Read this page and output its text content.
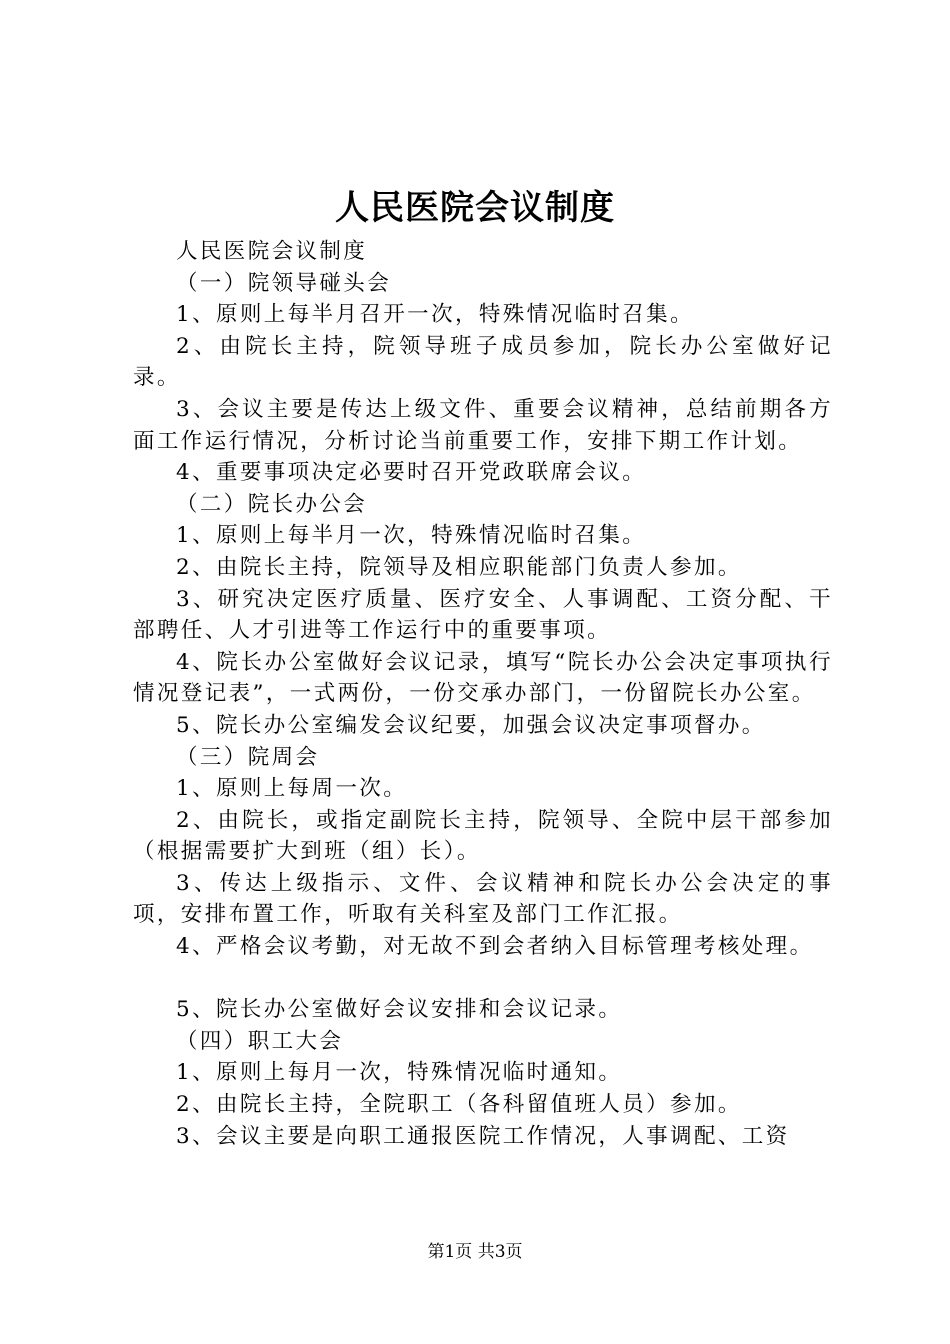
人民医院会议制度

人民医院会议制度

（一）院领导碰头会

1、原则上每半月召开一次，特殊情况临时召集。

2、由院长主持，院领导班子成员参加，院长办公室做好记录。

3、会议主要是传达上级文件、重要会议精神，总结前期各方面工作运行情况，分析讨论当前重要工作，安排下期工作计划。

4、重要事项决定必要时召开党政联席会议。

（二）院长办公会

1、原则上每半月一次，特殊情况临时召集。

2、由院长主持，院领导及相应职能部门负责人参加。

3、研究决定医疗质量、医疗安全、人事调配、工资分配、干部聘任、人才引进等工作运行中的重要事项。

4、院长办公室做好会议记录，填写“院长办公会决定事项执行情况登记表”，一式两份，一份交承办部门，一份留院长办公室。

5、院长办公室编发会议纪要，加强会议决定事项督办。

（三）院周会

1、原则上每周一次。

2、由院长，或指定副院长主持，院领导、全院中层干部参加（根据需要扩大到班（组）长）。

3、传达上级指示、文件、会议精神和院长办公会决定的事项，安排布置工作，听取有关科室及部门工作汇报。

4、严格会议考勤，对无故不到会者纳入目标管理考核处理。

5、院长办公室做好会议安排和会议记录。

（四）职工大会

1、原则上每月一次，特殊情况临时通知。

2、由院长主持，全院职工（各科留值班人员）参加。

3、会议主要是向职工通报医院工作情况，人事调配、工资

第1页 共3页
